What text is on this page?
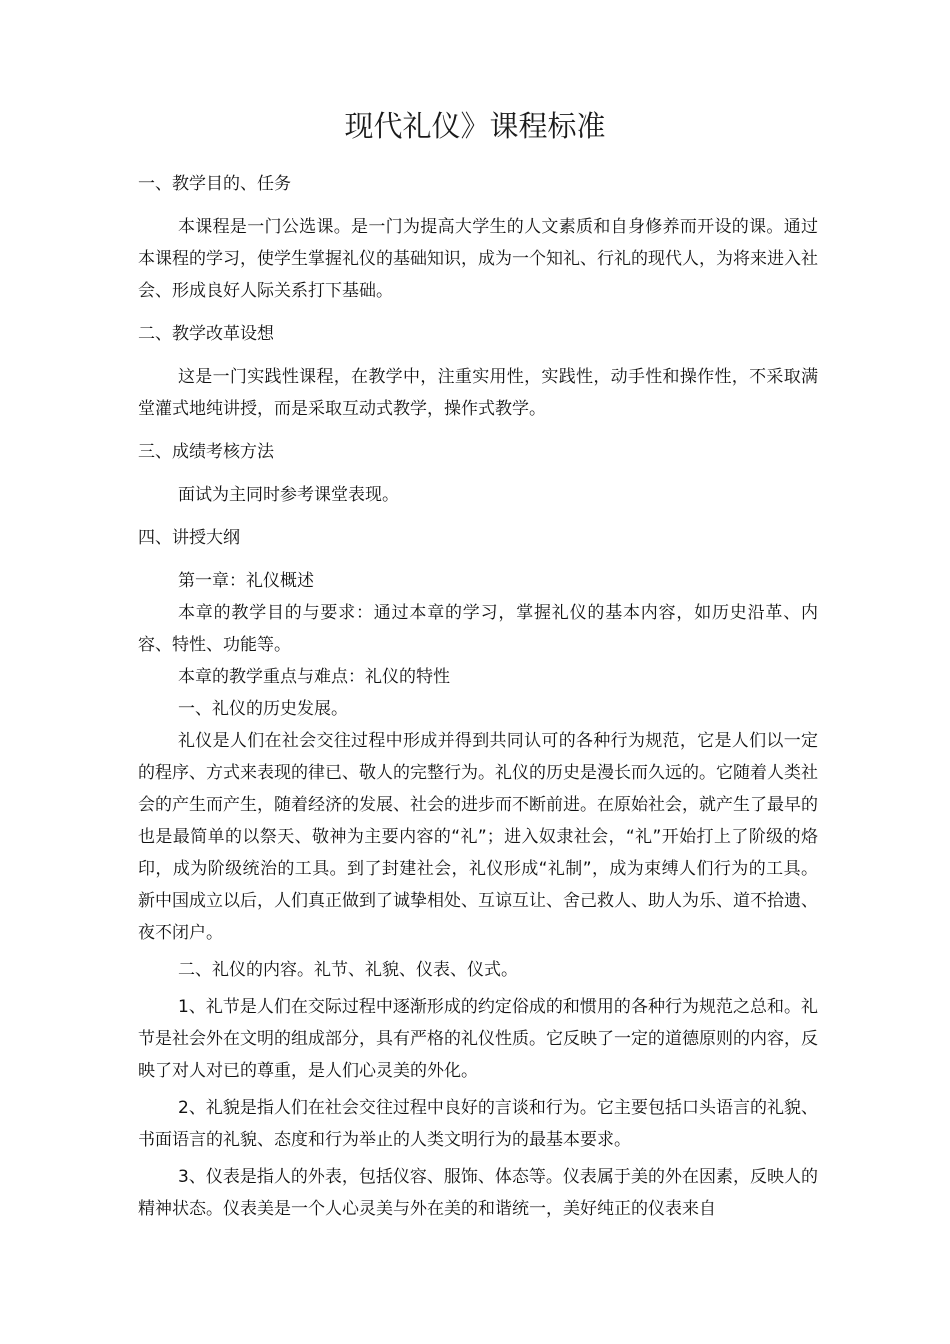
现代礼仪》课程标准
一、教学目的、任务
本课程是一门公选课。是一门为提高大学生的人文素质和自身修养而开设的课。通过本课程的学习，使学生掌握礼仪的基础知识，成为一个知礼、行礼的现代人，为将来进入社会、形成良好人际关系打下基础。
二、教学改革设想
这是一门实践性课程，在教学中，注重实用性，实践性，动手性和操作性，不采取满堂灌式地纯讲授，而是采取互动式教学，操作式教学。
三、成绩考核方法
面试为主同时参考课堂表现。
四、讲授大纲
第一章：礼仪概述
本章的教学目的与要求：通过本章的学习，掌握礼仪的基本内容，如历史沿革、内容、特性、功能等。
本章的教学重点与难点：礼仪的特性
一、礼仪的历史发展。
礼仪是人们在社会交往过程中形成并得到共同认可的各种行为规范，它是人们以一定的程序、方式来表现的律已、敬人的完整行为。礼仪的历史是漫长而久远的。它随着人类社会的产生而产生，随着经济的发展、社会的进步而不断前进。在原始社会，就产生了最早的也是最简单的以祭天、敬神为主要内容的“礼”；进入奴隶社会，“礼”开始打上了阶级的烙印，成为阶级统治的工具。到了封建社会，礼仪形成“礼制”，成为束缚人们行为的工具。新中国成立以后，人们真正做到了诚挚相处、互谅互让、舍己救人、助人为乐、道不拾遗、夜不闭户。
二、礼仪的内容。礼节、礼貌、仪表、仪式。
1、礼节是人们在交际过程中逐渐形成的约定俗成的和惯用的各种行为规范之总和。礼节是社会外在文明的组成部分，具有严格的礼仪性质。它反映了一定的道德原则的内容，反映了对人对已的尊重，是人们心灵美的外化。
2、礼貌是指人们在社会交往过程中良好的言谈和行为。它主要包括口头语言的礼貌、书面语言的礼貌、态度和行为举止的人类文明行为的最基本要求。
3、仪表是指人的外表，包括仪容、服饰、体态等。仪表属于美的外在因素，反映人的精神状态。仪表美是一个人心灵美与外在美的和谐统一，美好纯正的仪表来自
